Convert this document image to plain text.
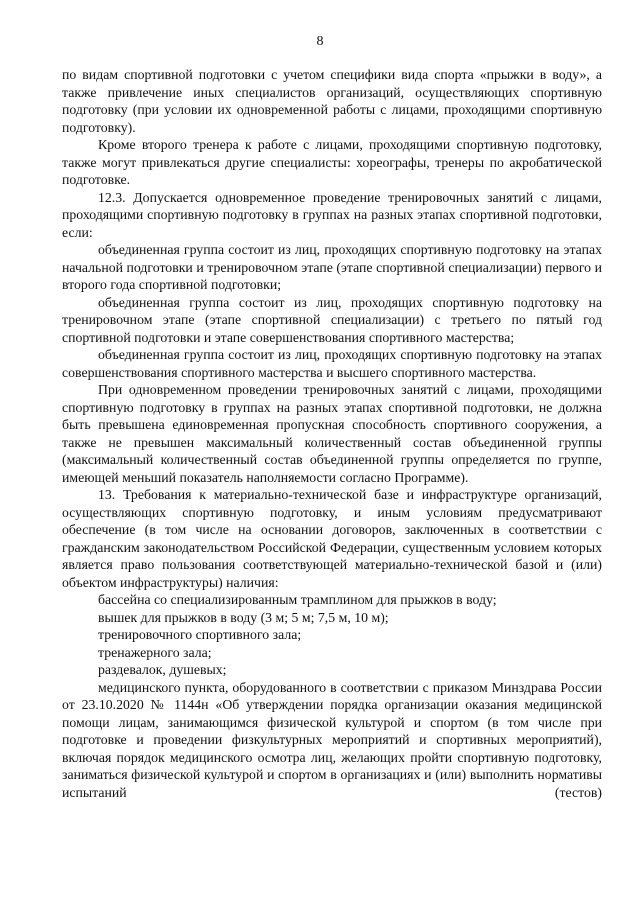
8

по видам спортивной подготовки с учетом специфики вида спорта «прыжки в воду», а также привлечение иных специалистов организаций, осуществляющих спортивную подготовку (при условии их одновременной работы с лицами, проходящими спортивную подготовку).

Кроме второго тренера к работе с лицами, проходящими спортивную подготовку, также могут привлекаться другие специалисты: хореографы, тренеры по акробатической подготовке.

12.3. Допускается одновременное проведение тренировочных занятий с лицами, проходящими спортивную подготовку в группах на разных этапах спортивной подготовки, если:

объединенная группа состоит из лиц, проходящих спортивную подготовку на этапах начальной подготовки и тренировочном этапе (этапе спортивной специализации) первого и второго года спортивной подготовки;

объединенная группа состоит из лиц, проходящих спортивную подготовку на тренировочном этапе (этапе спортивной специализации) с третьего по пятый год спортивной подготовки и этапе совершенствования спортивного мастерства;

объединенная группа состоит из лиц, проходящих спортивную подготовку на этапах совершенствования спортивного мастерства и высшего спортивного мастерства.

При одновременном проведении тренировочных занятий с лицами, проходящими спортивную подготовку в группах на разных этапах спортивной подготовки, не должна быть превышена единовременная пропускная способность спортивного сооружения, а также не превышен максимальный количественный состав объединенной группы (максимальный количественный состав объединенной группы определяется по группе, имеющей меньший показатель наполняемости согласно Программе).

13. Требования к материально-технической базе и инфраструктуре организаций, осуществляющих спортивную подготовку, и иным условиям предусматривают обеспечение (в том числе на основании договоров, заключенных в соответствии с гражданским законодательством Российской Федерации, существенным условием которых является право пользования соответствующей материально-технической базой и (или) объектом инфраструктуры) наличия:

бассейна со специализированным трамплином для прыжков в воду;

вышек для прыжков в воду (3 м; 5 м; 7,5 м, 10 м);

тренировочного спортивного зала;

тренажерного зала;

раздевалок, душевых;

медицинского пункта, оборудованного в соответствии с приказом Минздрава России от 23.10.2020 № 1144н «Об утверждении порядка организации оказания медицинской помощи лицам, занимающимся физической культурой и спортом (в том числе при подготовке и проведении физкультурных мероприятий и спортивных мероприятий), включая порядок медицинского осмотра лиц, желающих пройти спортивную подготовку, заниматься физической культурой и спортом в организациях и (или) выполнить нормативы испытаний (тестов)
